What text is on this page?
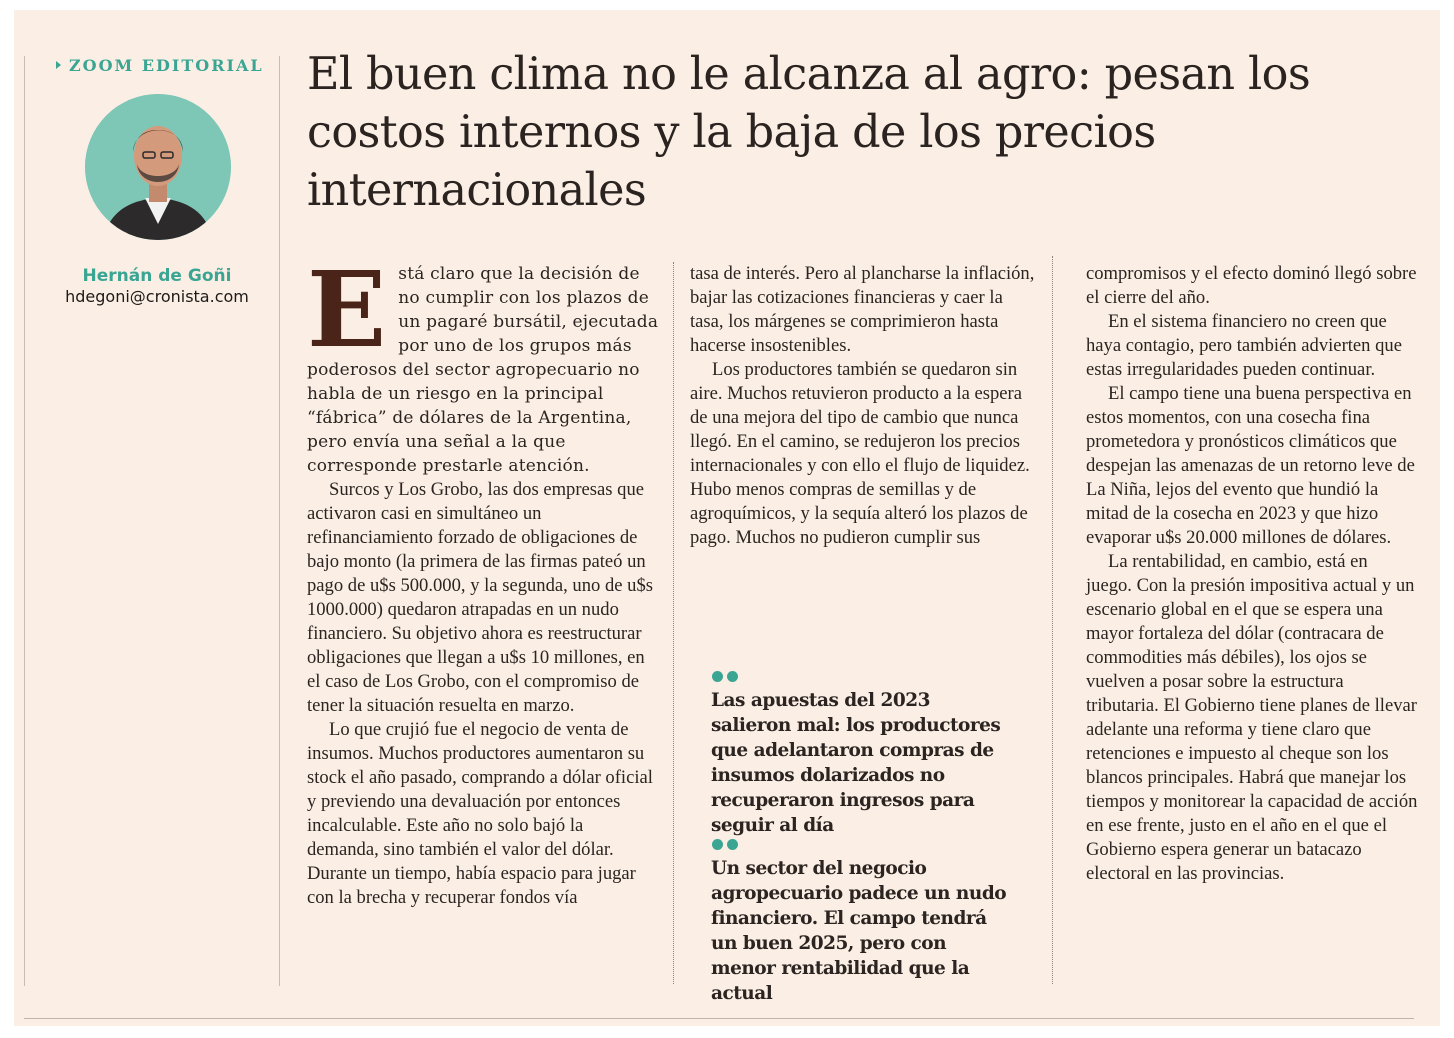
ZOOM EDITORIAL
Hernán de Goñi
hdegoni@cronista.com
El buen clima no le alcanza al agro: pesan los costos internos y la baja de los precios internacionales

Está claro que la decisión de no cumplir con los plazos de un pagaré bursátil, ejecutada por uno de los grupos más poderosos del sector agropecuario no habla de un riesgo en la principal “fábrica” de dólares de la Argentina, pero envía una señal a la que corresponde prestarle atención.

Surcos y Los Grobo, las dos empresas que activaron casi en simultáneo un refinanciamiento forzado de obligaciones de bajo monto (la primera de las firmas pateó un pago de u$s 500.000, y la segunda, uno de u$s 1000.000) quedaron atrapadas en un nudo financiero. Su objetivo ahora es reestructurar obligaciones que llegan a u$s 10 millones, en el caso de Los Grobo, con el compromiso de tener la situación resuelta en marzo.

Lo que crujió fue el negocio de venta de insumos. Muchos productores aumentaron su stock el año pasado, comprando a dólar oficial y previendo una devaluación por entonces incalculable. Este año no solo bajó la demanda, sino también el valor del dólar. Durante un tiempo, había espacio para jugar con la brecha y recuperar fondos vía

tasa de interés. Pero al plancharse la inflación, bajar las cotizaciones financieras y caer la tasa, los márgenes se comprimieron hasta hacerse insostenibles.

Los productores también se quedaron sin aire. Muchos retuvieron producto a la espera de una mejora del tipo de cambio que nunca llegó. En el camino, se redujeron los precios internacionales y con ello el flujo de liquidez. Hubo menos compras de semillas y de agroquímicos, y la sequía alteró los plazos de pago. Muchos no pudieron cumplir sus

Las apuestas del 2023 salieron mal: los productores que adelantaron compras de insumos dolarizados no recuperaron ingresos para seguir al día
Un sector del negocio agropecuario padece un nudo financiero. El campo tendrá un buen 2025, pero con menor rentabilidad que la actual

compromisos y el efecto dominó llegó sobre el cierre del año.

En el sistema financiero no creen que haya contagio, pero también advierten que estas irregularidades pueden continuar.

El campo tiene una buena perspectiva en estos momentos, con una cosecha fina prometedora y pronósticos climáticos que despejan las amenazas de un retorno leve de La Niña, lejos del evento que hundió la mitad de la cosecha en 2023 y que hizo evaporar u$s 20.000 millones de dólares.

La rentabilidad, en cambio, está en juego. Con la presión impositiva actual y un escenario global en el que se espera una mayor fortaleza del dólar (contracara de commodities más débiles), los ojos se vuelven a posar sobre la estructura tributaria. El Gobierno tiene planes de llevar adelante una reforma y tiene claro que retenciones e impuesto al cheque son los blancos principales. Habrá que manejar los tiempos y monitorear la capacidad de acción en ese frente, justo en el año en el que el Gobierno espera generar un batacazo electoral en las provincias.
